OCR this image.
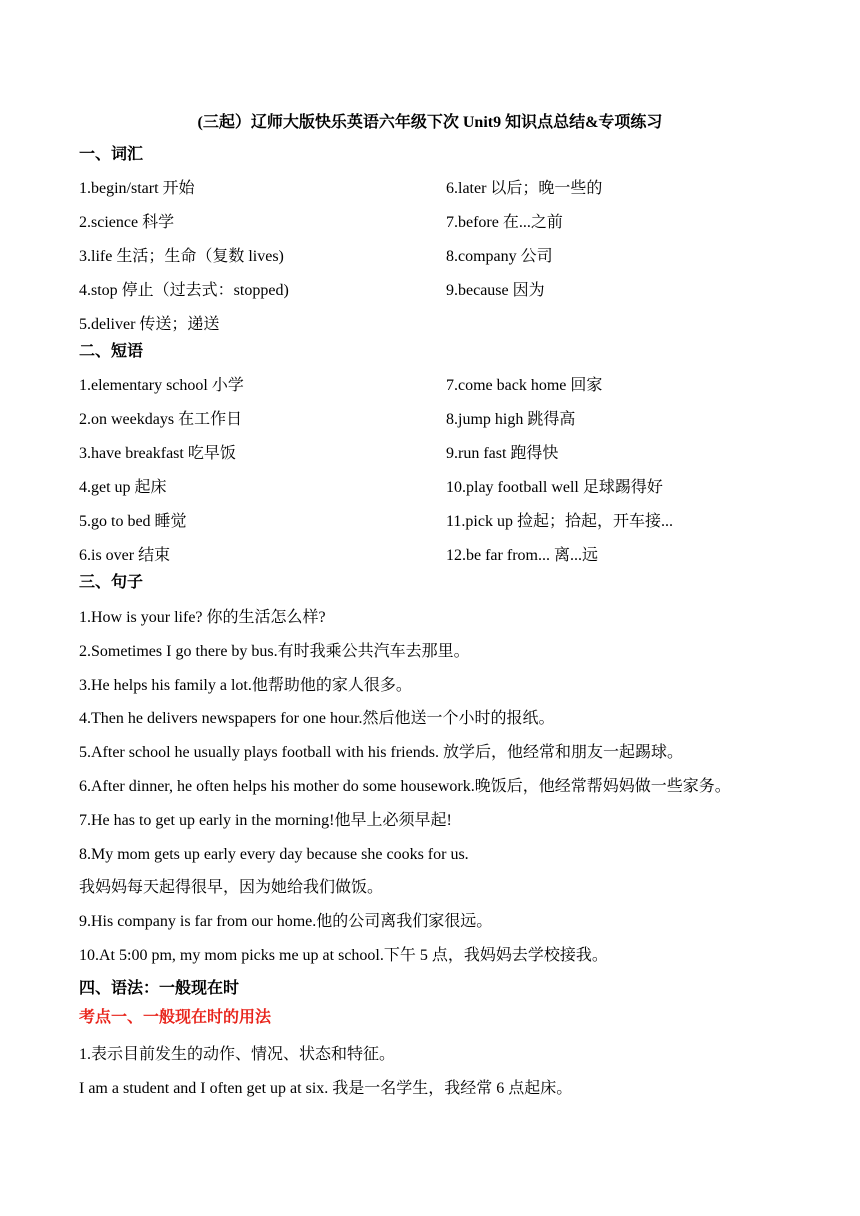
(三起）辽师大版快乐英语六年级下次 Unit9 知识点总结&专项练习
一、词汇
1.begin/start 开始
2.science 科学
3.life 生活；生命（复数 lives)
4.stop 停止（过去式：stopped)
5.deliver 传送；递送
6.later 以后；晚一些的
7.before 在...之前
8.company 公司
9.because 因为
二、短语
1.elementary school 小学
2.on weekdays 在工作日
3.have breakfast 吃早饭
4.get up 起床
5.go to bed 睡觉
6.is over 结束
7.come back home 回家
8.jump high 跳得高
9.run fast 跑得快
10.play football well 足球踢得好
11.pick up 捡起；拾起，开车接...
12.be far from... 离...远
三、句子
1.How is your life? 你的生活怎么样?
2.Sometimes I go there by bus.有时我乘公共汽车去那里。
3.He helps his family a lot.他帮助他的家人很多。
4.Then he delivers newspapers for one hour.然后他送一个小时的报纸。
5.After school he usually plays football with his friends. 放学后，他经常和朋友一起踢球。
6.After dinner, he often helps his mother do some housework.晚饭后，他经常帮妈妈做一些家务。
7.He has to get up early in the morning!他早上必须早起!
8.My mom gets up early every day because she cooks for us.
我妈妈每天起得很早，因为她给我们做饭。
9.His company is far from our home.他的公司离我们家很远。
10.At 5:00 pm, my mom picks me up at school.下午 5 点，我妈妈去学校接我。
四、语法：一般现在时
考点一、一般现在时的用法
1.表示目前发生的动作、情况、状态和特征。
I am a student and I often get up at six. 我是一名学生，我经常 6 点起床。
